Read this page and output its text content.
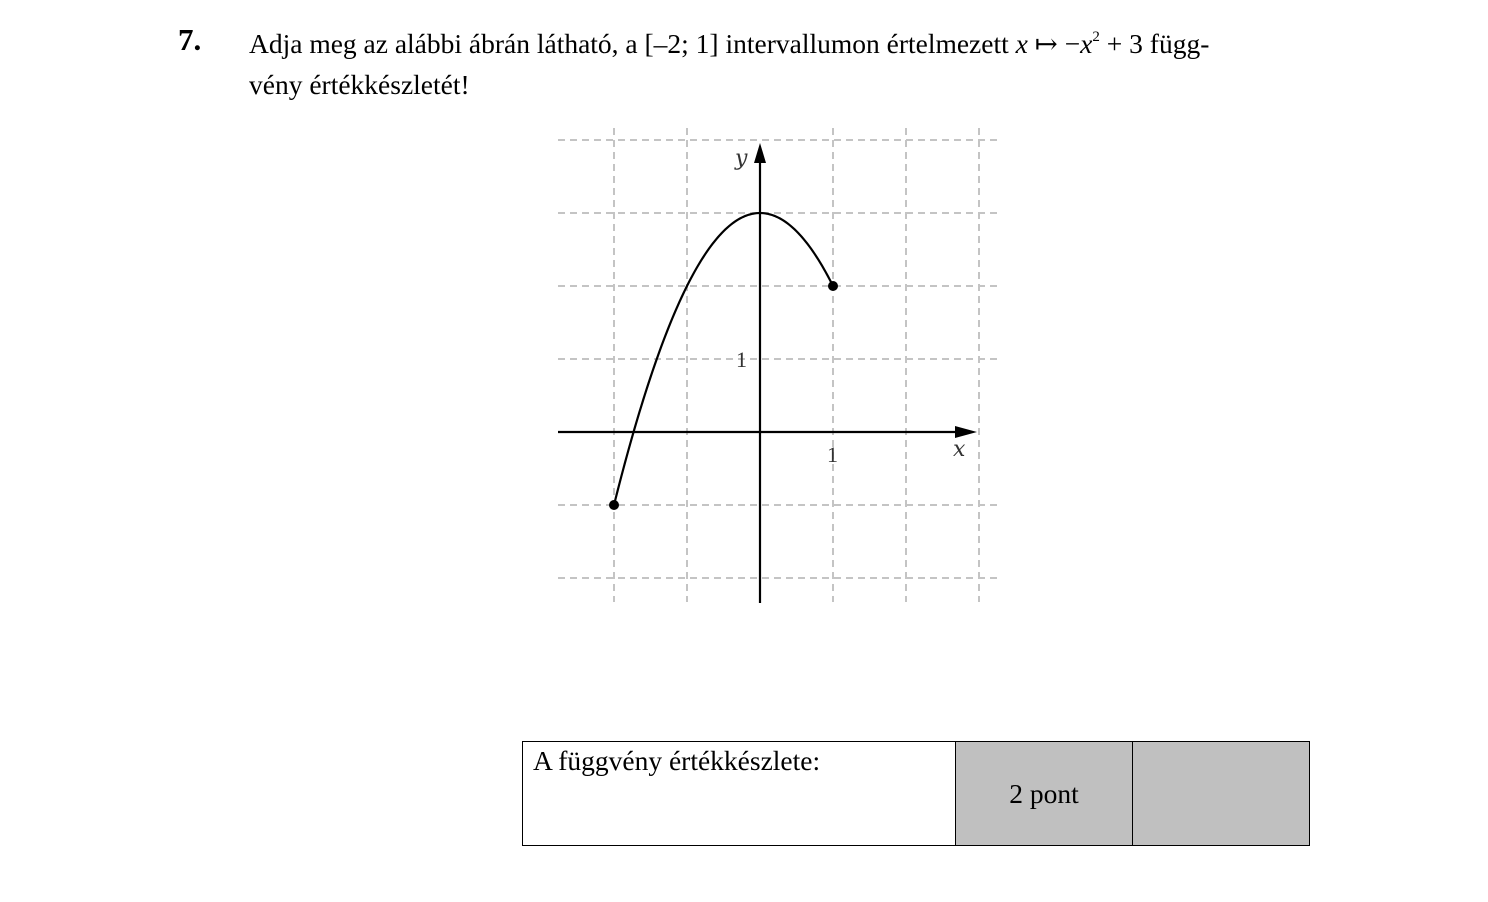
7. Adja meg az alábbi ábrán látható, a [–2; 1] intervallumon értelmezett x ↦ $-x^2 + 3$ függ-
vény értékkészletét!
x
y
1
1
A függvény értékkészlete:
	2 pont	
